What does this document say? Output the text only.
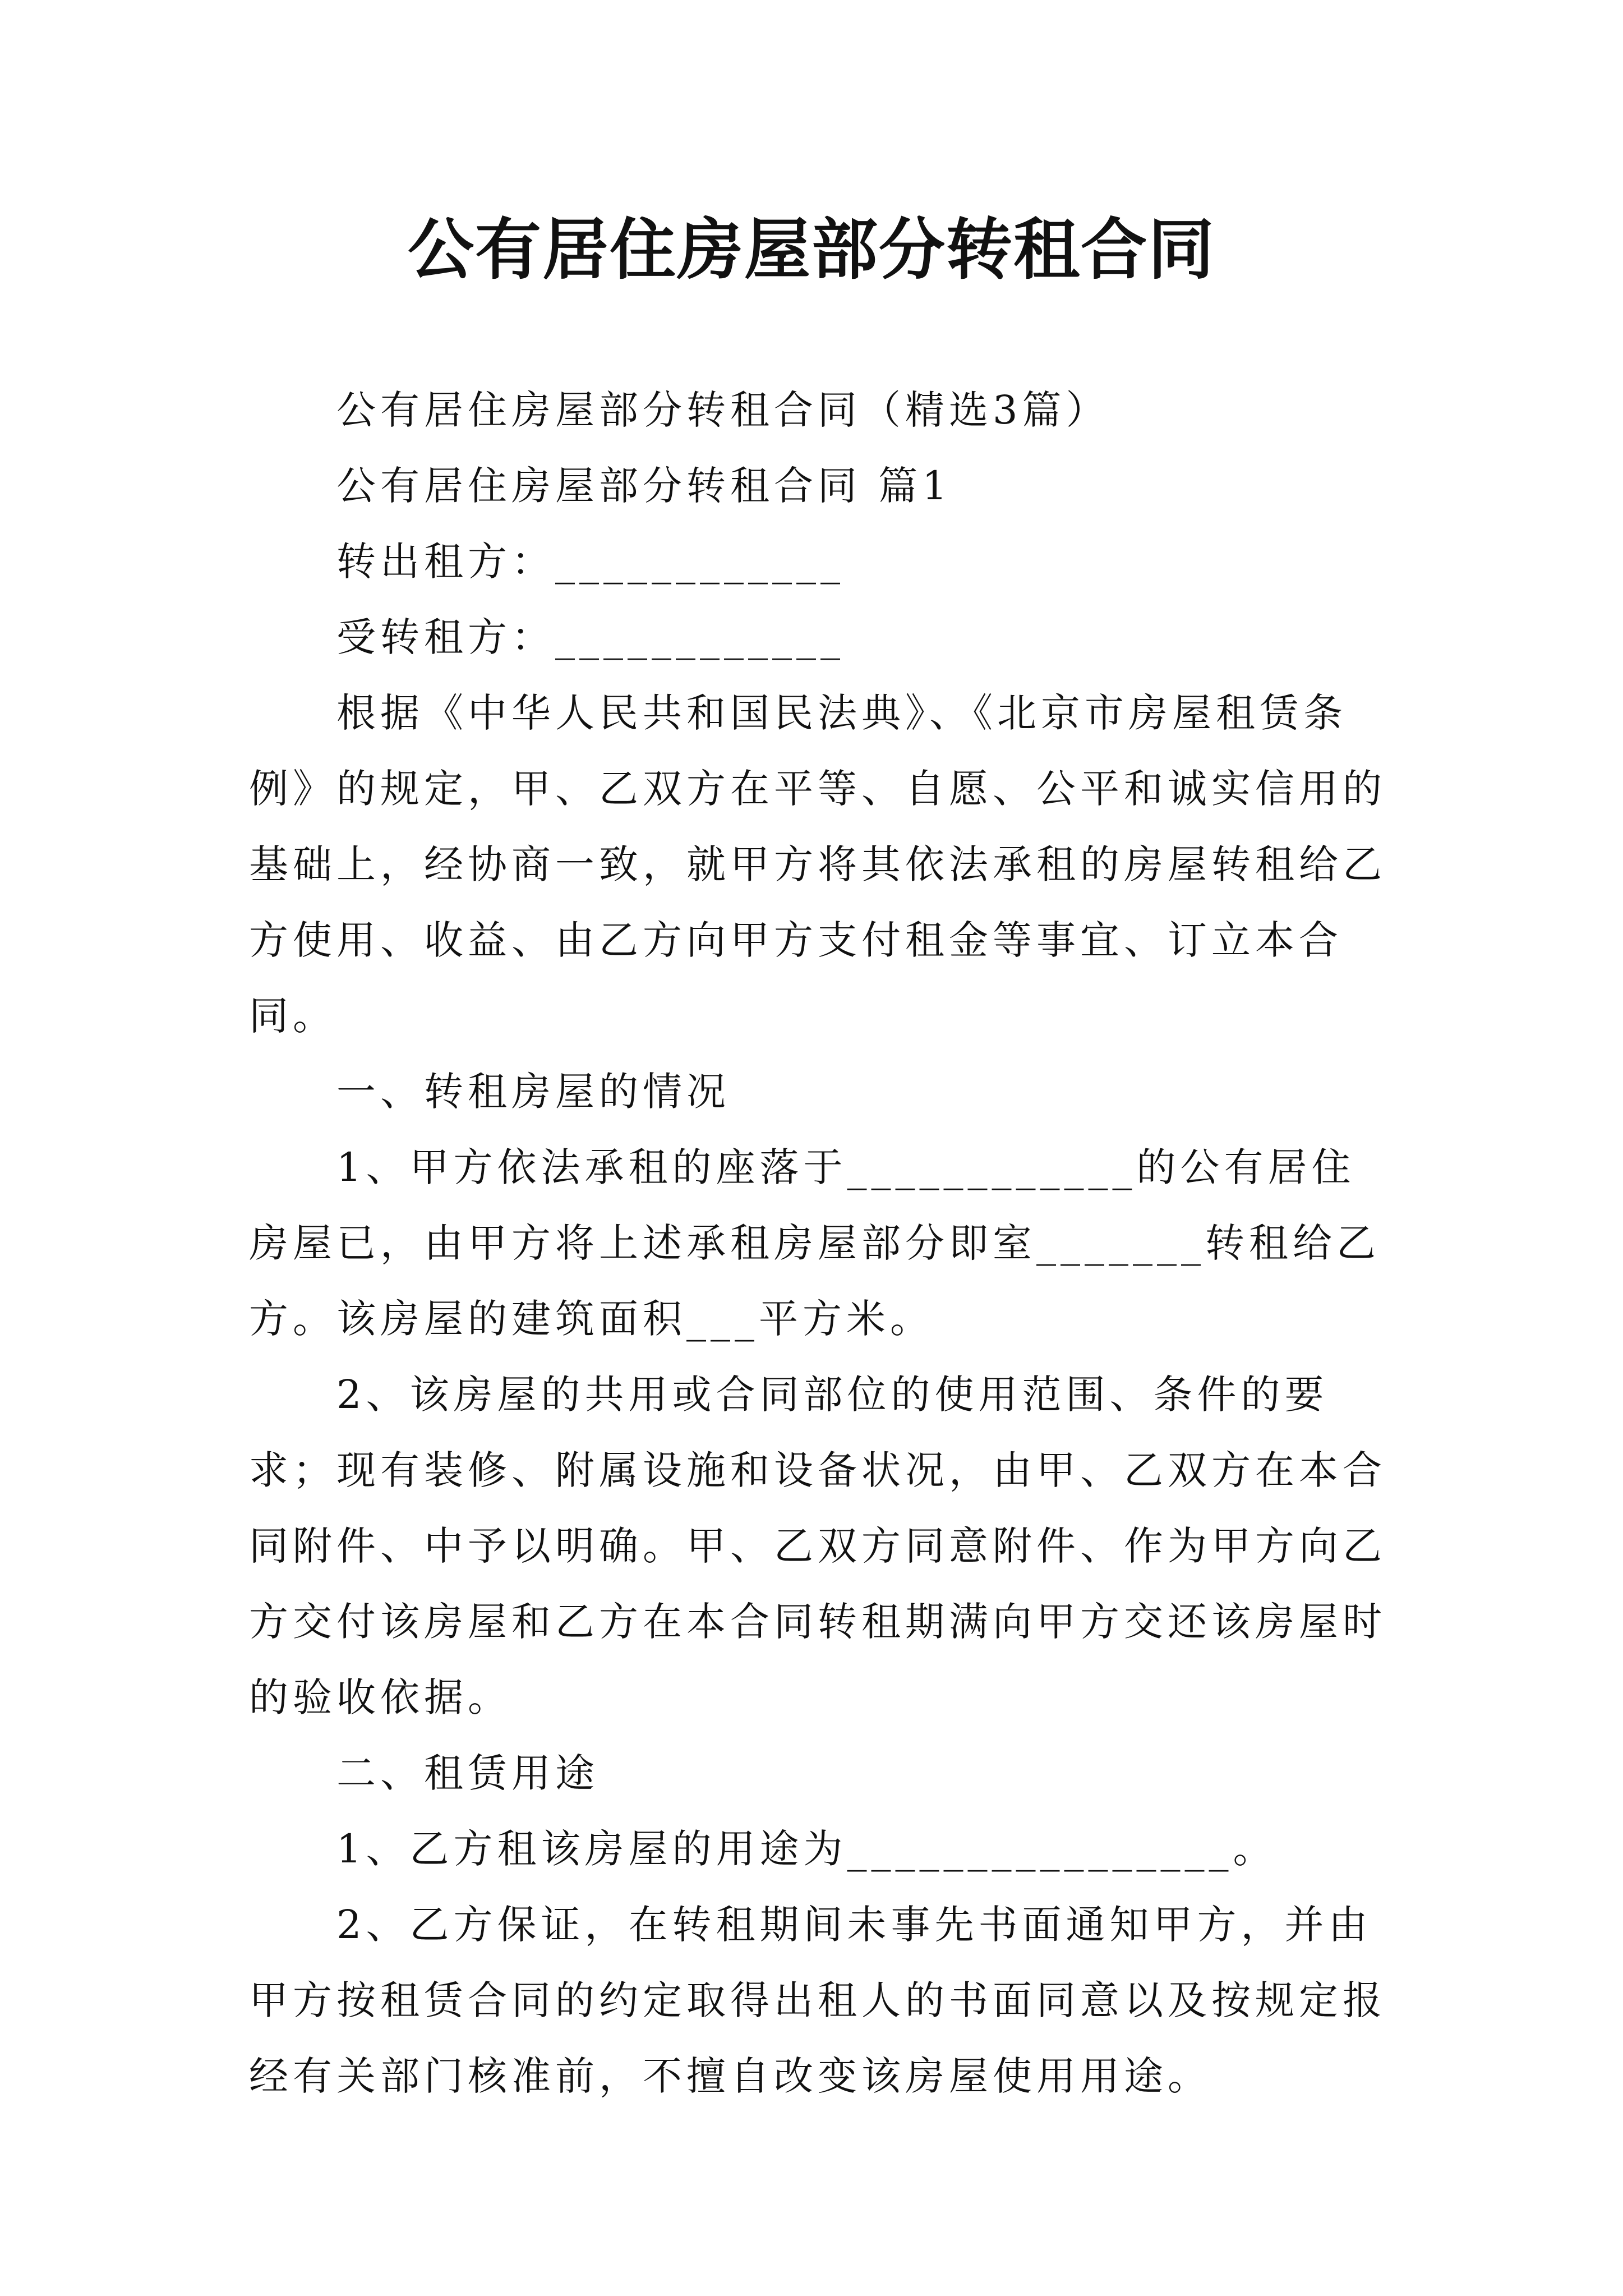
公有居住房屋部分转租合同

公有居住房屋部分转租合同（精选3篇）

公有居住房屋部分转租合同 篇1

转出租方：____________

受转租方：____________

根据《中华人民共和国民法典》、《北京市房屋租赁条例》的规定，甲、乙双方在平等、自愿、公平和诚实信用的基础上，经协商一致，就甲方将其依法承租的房屋转租给乙方使用、收益、由乙方向甲方支付租金等事宜、订立本合同。

一、转租房屋的情况

1、甲方依法承租的座落于____________的公有居住房屋已，由甲方将上述承租房屋部分即室_______转租给乙方。该房屋的建筑面积___平方米。

2、该房屋的共用或合同部位的使用范围、条件的要求；现有装修、附属设施和设备状况，由甲、乙双方在本合同附件、中予以明确。甲、乙双方同意附件、作为甲方向乙方交付该房屋和乙方在本合同转租期满向甲方交还该房屋时的验收依据。

二、租赁用途

1、乙方租该房屋的用途为________________。

2、乙方保证，在转租期间未事先书面通知甲方，并由甲方按租赁合同的约定取得出租人的书面同意以及按规定报经有关部门核准前，不擅自改变该房屋使用用途。
